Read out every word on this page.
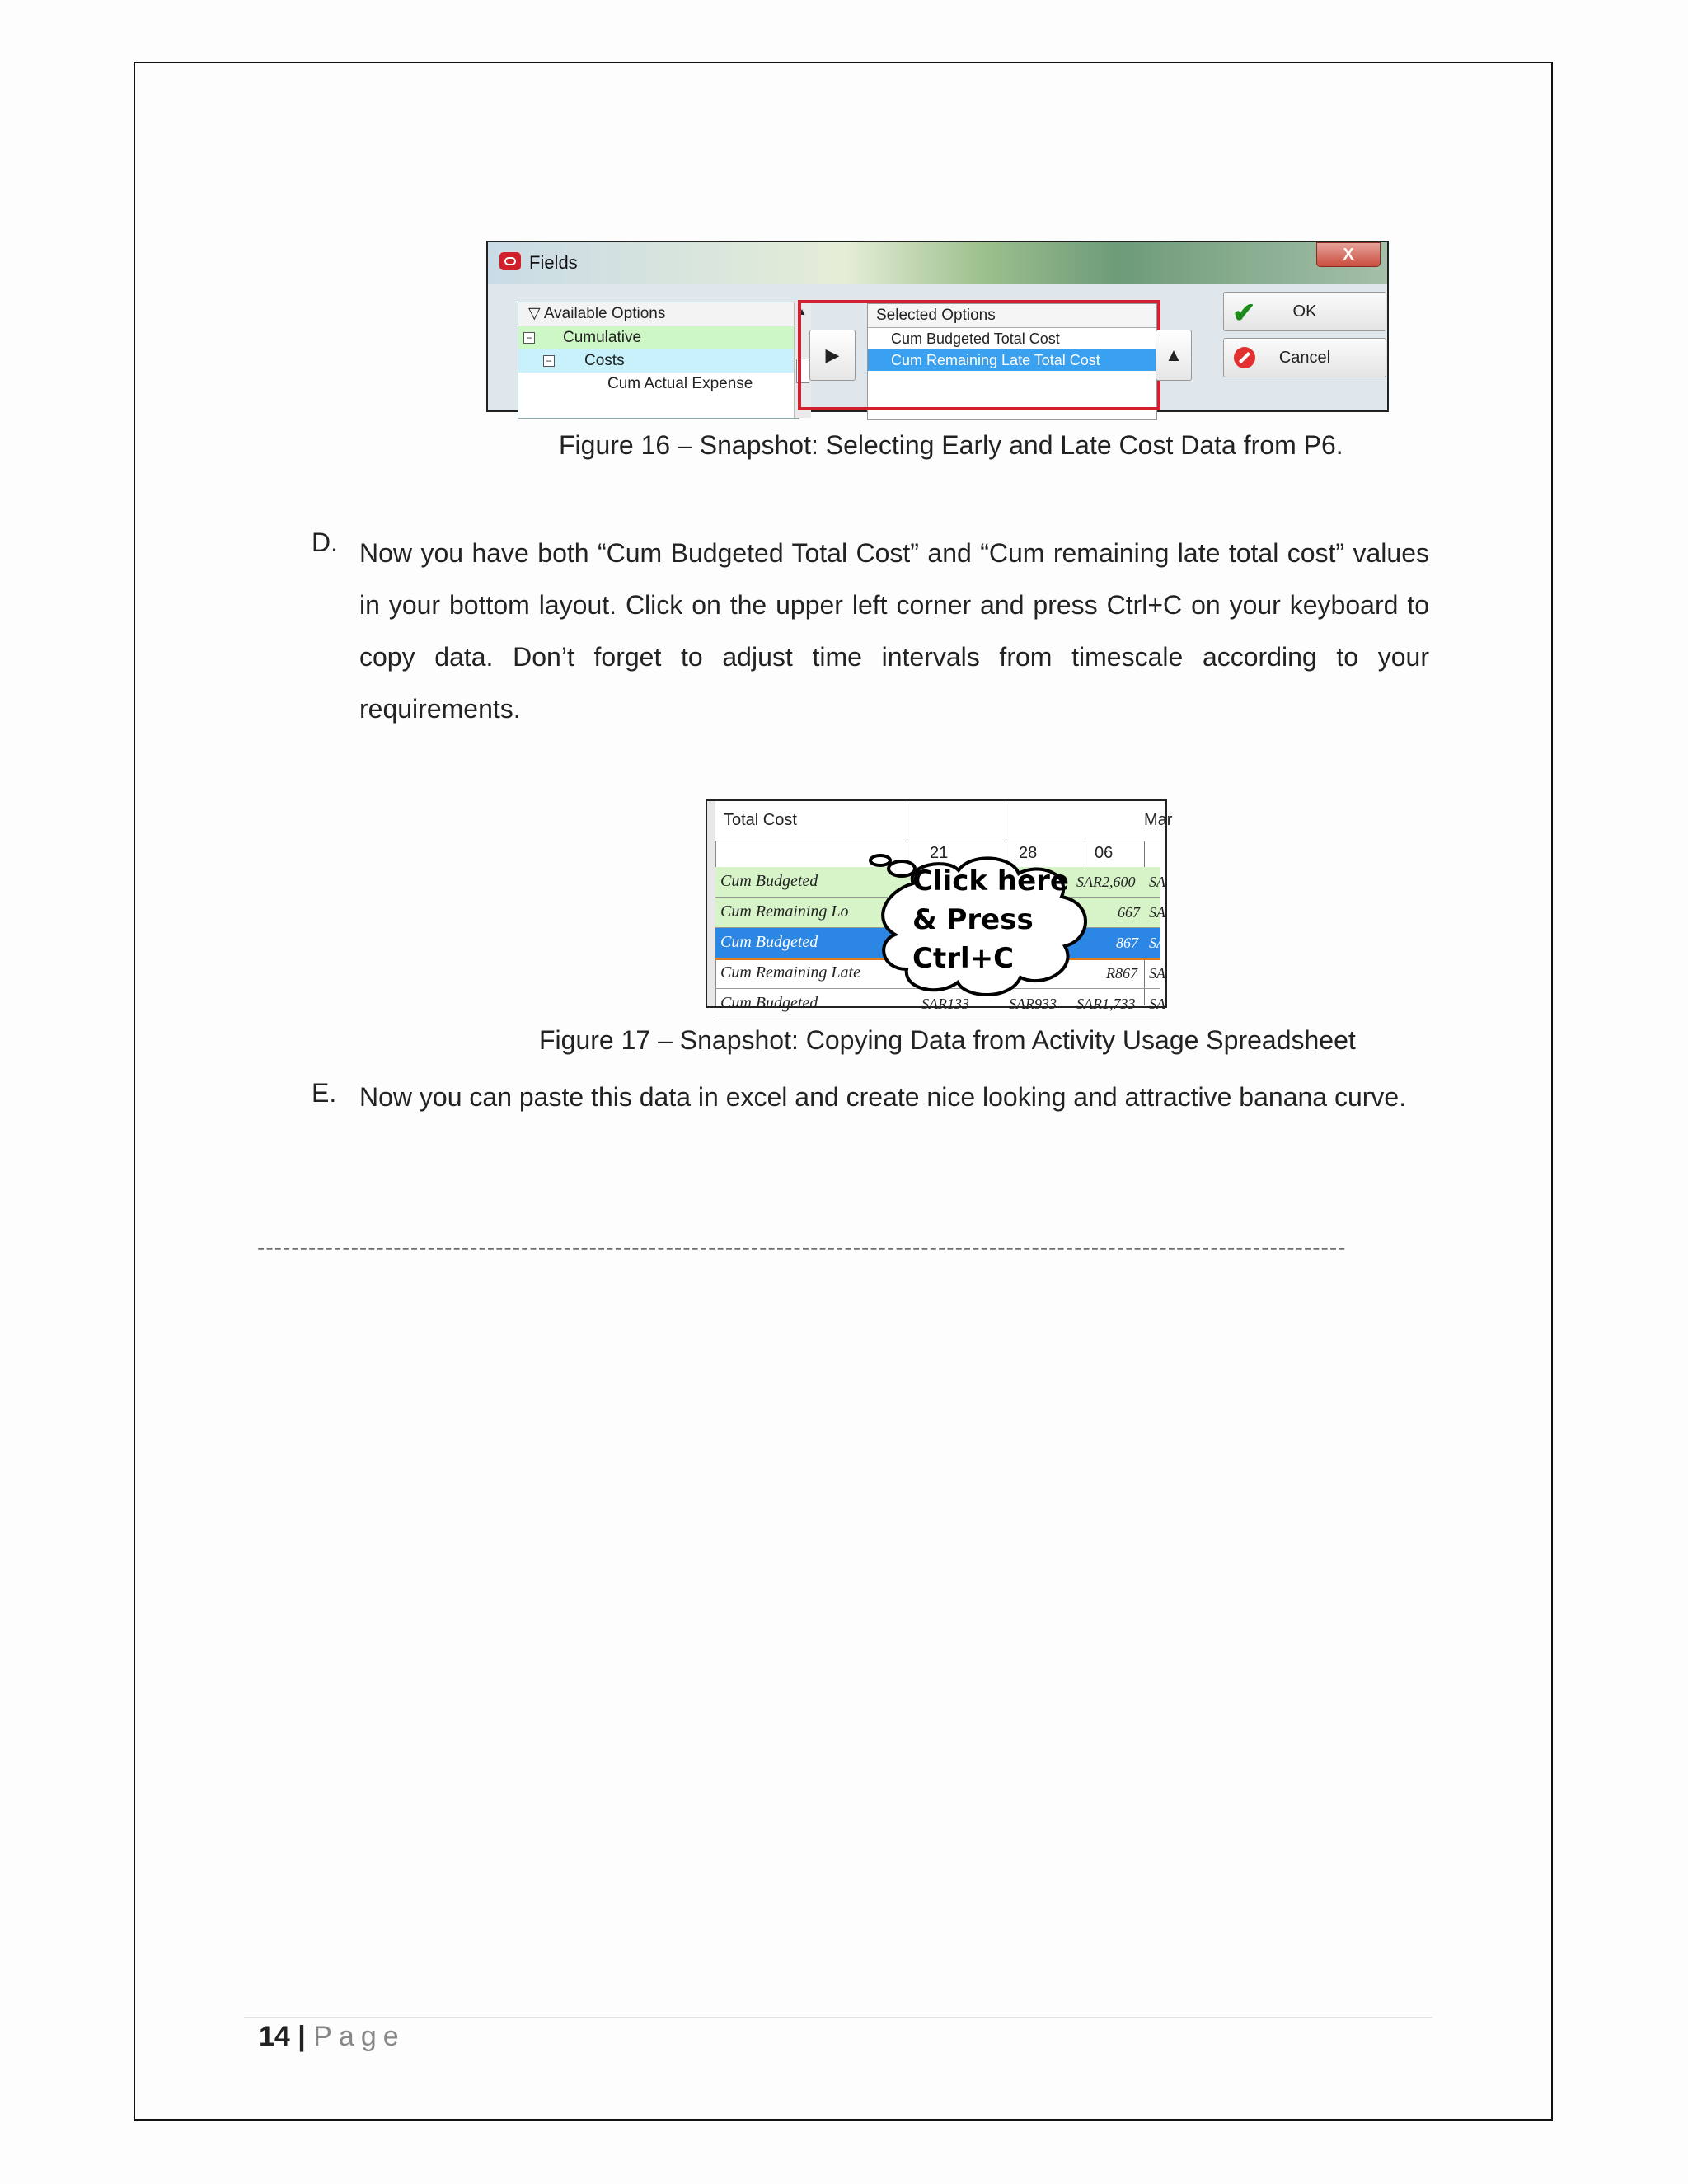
Fields	X
▽ Available Options
− Cumulative
− Costs
Cum Actual Expense
▲
▶
Selected Options
Cum Budgeted Total Cost
Cum Remaining Late Total Cost	▲
✔ OK
Cancel
Figure 16 – Snapshot: Selecting Early and Late Cost Data from P6.
D. Now you have both “Cum Budgeted Total Cost” and “Cum remaining late total cost” values in your bottom layout. Click on the upper left corner and press Ctrl+C on your keyboard to copy data. Don’t forget to adjust time intervals from timescale according to your requirements.
Total Cost	Mar
21	28	06
Cum Budgeted	SAR2,600 SA
Cum Remaining Lo	667 SA
Cum Budgeted	867 SA
Cum Remaining Late	R867 SA
Cum Budgeted	SAR133	SAR933 SAR1,733 SA
Click here
& Press
Ctrl+C
Figure 17 – Snapshot: Copying Data from Activity Usage Spreadsheet
E. Now you can paste this data in excel and create nice looking and attractive banana curve.
--------------------------------------------------------------------------------------------------------------------------------
14 | Page
